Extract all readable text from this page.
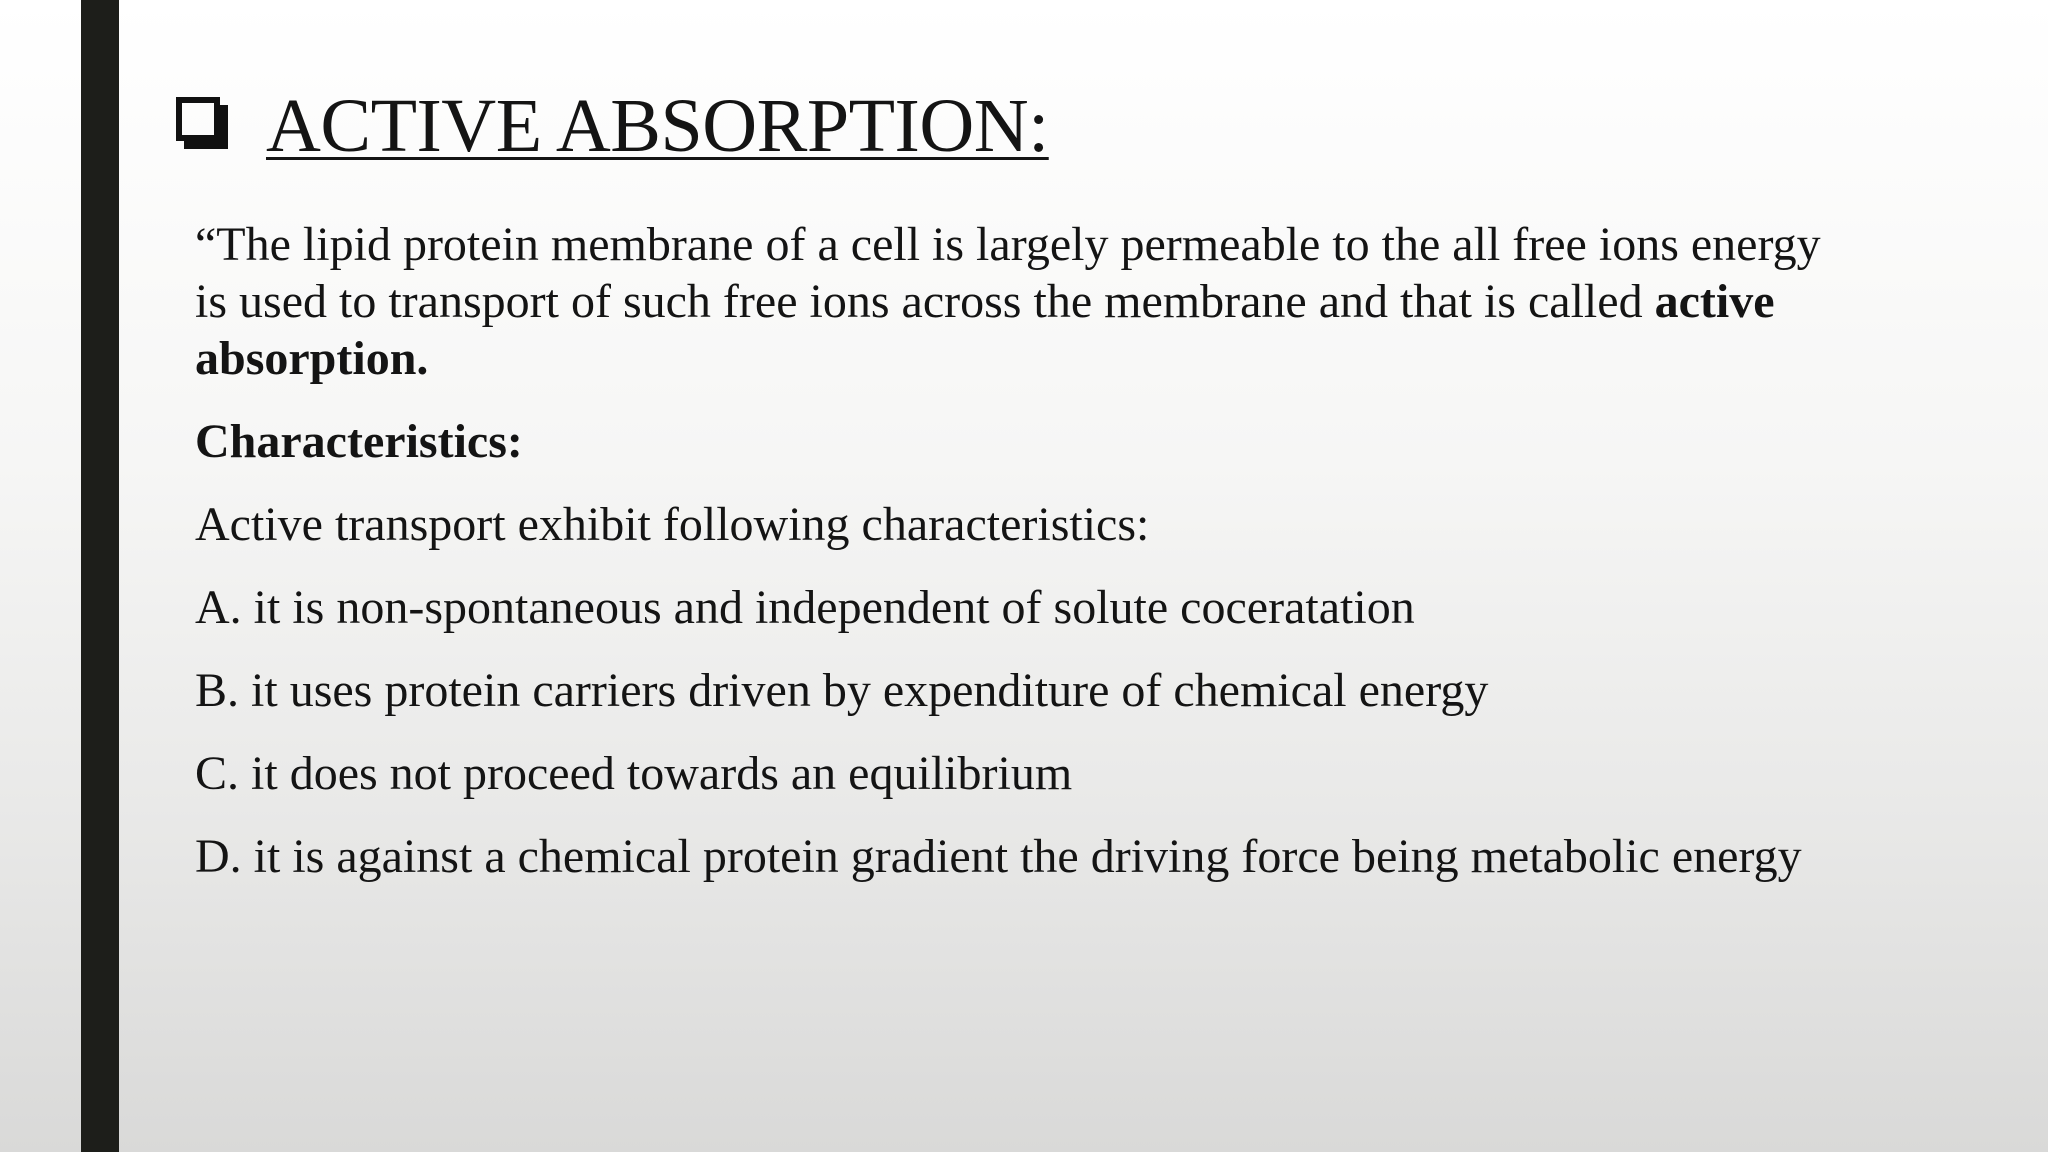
ACTIVE ABSORPTION:

“The lipid protein membrane of a cell is largely permeable to the all free ions energy is used to transport of such free ions across the membrane and that is called active absorption.

Characteristics:

Active transport exhibit following characteristics:

A. it is non-spontaneous and independent of solute coceratation

B. it uses protein carriers driven by expenditure of chemical energy

C. it does not proceed towards an equilibrium

D. it is against a chemical protein gradient the driving force being metabolic energy
